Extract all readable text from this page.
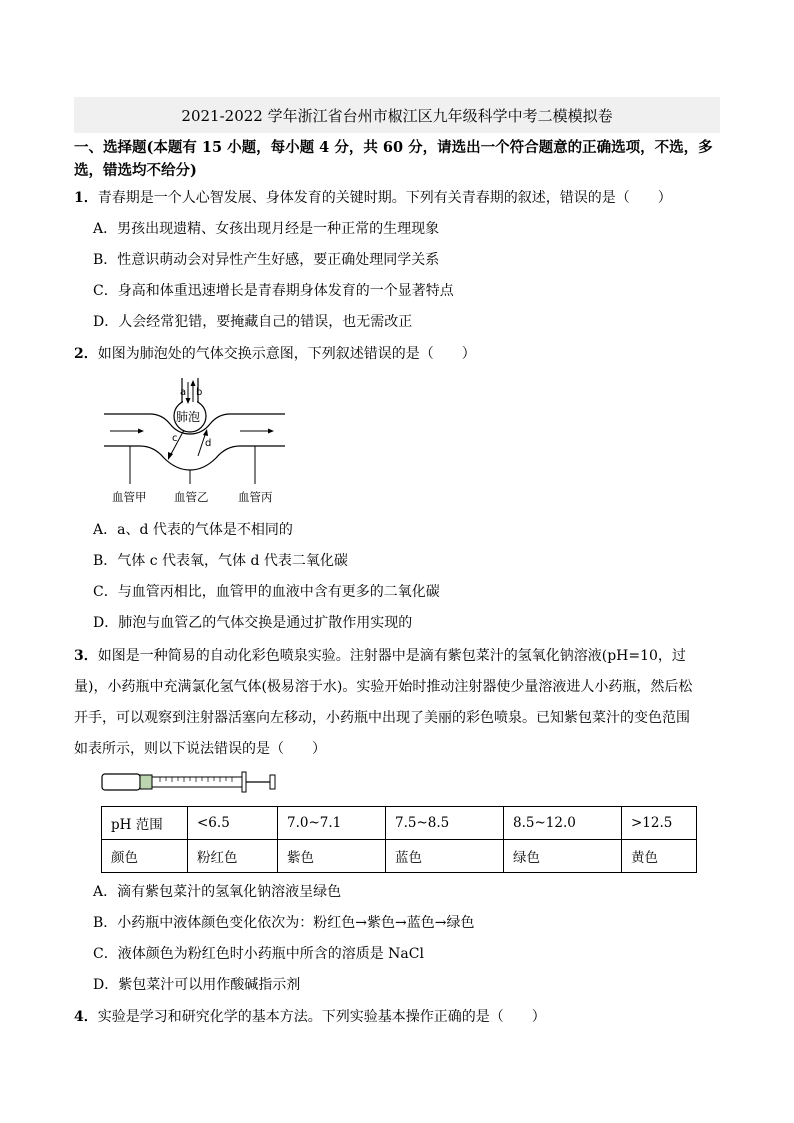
2021-2022 学年浙江省台州市椒江区九年级科学中考二模模拟卷
一、选择题(本题有 15 小题，每小题 4 分，共 60 分，请选出一个符合题意的正确选项，不选，多选，错选均不给分)
1．青春期是一个人心智发展、身体发育的关键时期。下列有关青春期的叙述，错误的是（　　）
A．男孩出现遗精、女孩出现月经是一种正常的生理现象
B．性意识萌动会对异性产生好感，要正确处理同学关系
C．身高和体重迅速增长是青春期身体发育的一个显著特点
D．人会经常犯错，要掩藏自己的错误，也无需改正
2．如图为肺泡处的气体交换示意图，下列叙述错误的是（　　）
a b
肺泡
c	d
血管甲 血管乙	血管丙
A．a、d 代表的气体是不相同的
B．气体 c 代表氧，气体 d 代表二氧化碳
C．与血管丙相比，血管甲的血液中含有更多的二氧化碳
D．肺泡与血管乙的气体交换是通过扩散作用实现的
3．如图是一种简易的自动化彩色喷泉实验。注射器中是滴有紫包菜汁的氢氧化钠溶液(pH=10，过
量)，小药瓶中充满氯化氢气体(极易溶于水)。实验开始时推动注射器使少量溶液进人小药瓶，然后松
开手，可以观察到注射器活塞向左移动，小药瓶中出现了美丽的彩色喷泉。已知紫包菜汁的变色范围
如表所示，则以下说法错误的是（　　）
pH 范围	<6.5	7.0~7.1	7.5~8.5	8.5~12.0	>12.5
颜色	粉红色	紫色	蓝色	绿色	黄色
A．滴有紫包菜汁的氢氧化钠溶液呈绿色
B．小药瓶中液体颜色变化依次为：粉红色→紫色→蓝色→绿色
C．液体颜色为粉红色时小药瓶中所含的溶质是 NaCl
D．紫包菜汁可以用作酸碱指示剂
4．实验是学习和研究化学的基本方法。下列实验基本操作正确的是（　　）
